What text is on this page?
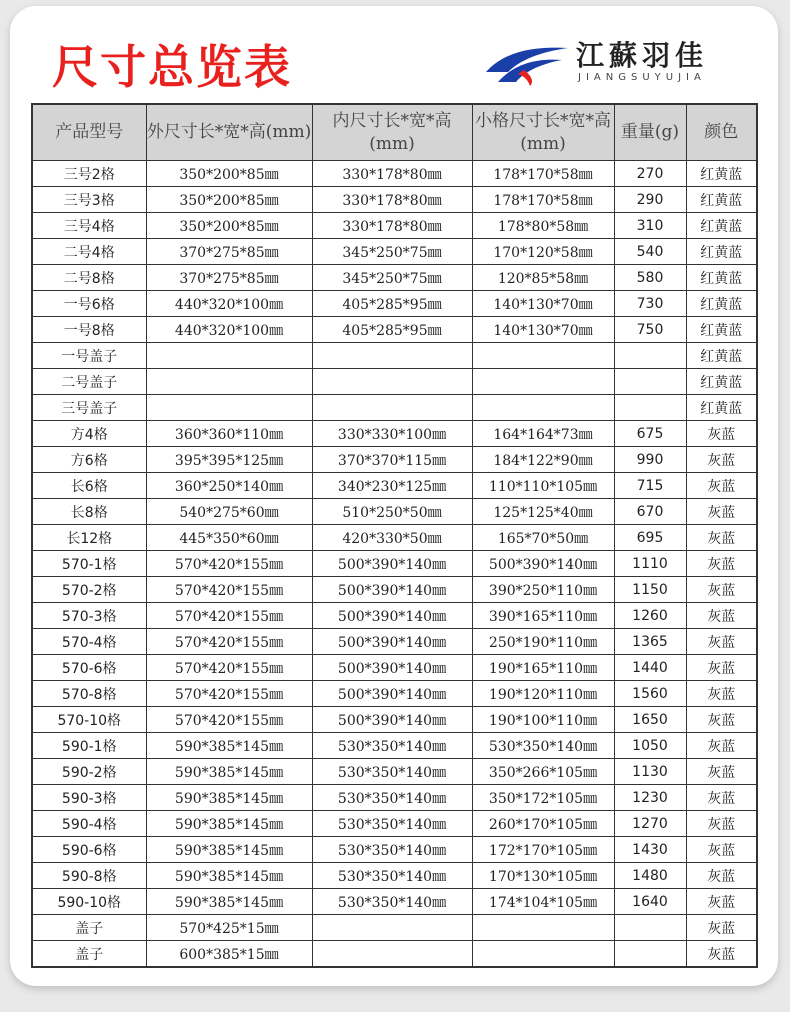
尺寸总览表	江蘇羽佳
JIANGSUYUJIA
产品型号	外尺寸长*宽*高(mm)	内尺寸长*宽*高(mm)	小格尺寸长*宽*高(mm)	重量(g)	颜色
三号2格	350*200*85㎜	330*178*80㎜	178*170*58㎜	270	红黄蓝
三号3格	350*200*85㎜	330*178*80㎜	178*170*58㎜	290	红黄蓝
三号4格	350*200*85㎜	330*178*80㎜	178*80*58㎜	310	红黄蓝
二号4格	370*275*85㎜	345*250*75㎜	170*120*58㎜	540	红黄蓝
二号8格	370*275*85㎜	345*250*75㎜	120*85*58㎜	580	红黄蓝
一号6格	440*320*100㎜	405*285*95㎜	140*130*70㎜	730	红黄蓝
一号8格	440*320*100㎜	405*285*95㎜	140*130*70㎜	750	红黄蓝
一号盖子					红黄蓝
二号盖子					红黄蓝
三号盖子					红黄蓝
方4格	360*360*110㎜	330*330*100㎜	164*164*73㎜	675	灰蓝
方6格	395*395*125㎜	370*370*115㎜	184*122*90㎜	990	灰蓝
长6格	360*250*140㎜	340*230*125㎜	110*110*105㎜	715	灰蓝
长8格	540*275*60㎜	510*250*50㎜	125*125*40㎜	670	灰蓝
长12格	445*350*60㎜	420*330*50㎜	165*70*50㎜	695	灰蓝
570-1格	570*420*155㎜	500*390*140㎜	500*390*140㎜	1110	灰蓝
570-2格	570*420*155㎜	500*390*140㎜	390*250*110㎜	1150	灰蓝
570-3格	570*420*155㎜	500*390*140㎜	390*165*110㎜	1260	灰蓝
570-4格	570*420*155㎜	500*390*140㎜	250*190*110㎜	1365	灰蓝
570-6格	570*420*155㎜	500*390*140㎜	190*165*110㎜	1440	灰蓝
570-8格	570*420*155㎜	500*390*140㎜	190*120*110㎜	1560	灰蓝
570-10格	570*420*155㎜	500*390*140㎜	190*100*110㎜	1650	灰蓝
590-1格	590*385*145㎜	530*350*140㎜	530*350*140㎜	1050	灰蓝
590-2格	590*385*145㎜	530*350*140㎜	350*266*105㎜	1130	灰蓝
590-3格	590*385*145㎜	530*350*140㎜	350*172*105㎜	1230	灰蓝
590-4格	590*385*145㎜	530*350*140㎜	260*170*105㎜	1270	灰蓝
590-6格	590*385*145㎜	530*350*140㎜	172*170*105㎜	1430	灰蓝
590-8格	590*385*145㎜	530*350*140㎜	170*130*105㎜	1480	灰蓝
590-10格	590*385*145㎜	530*350*140㎜	174*104*105㎜	1640	灰蓝
盖子	570*425*15㎜				灰蓝
盖子	600*385*15㎜				灰蓝
